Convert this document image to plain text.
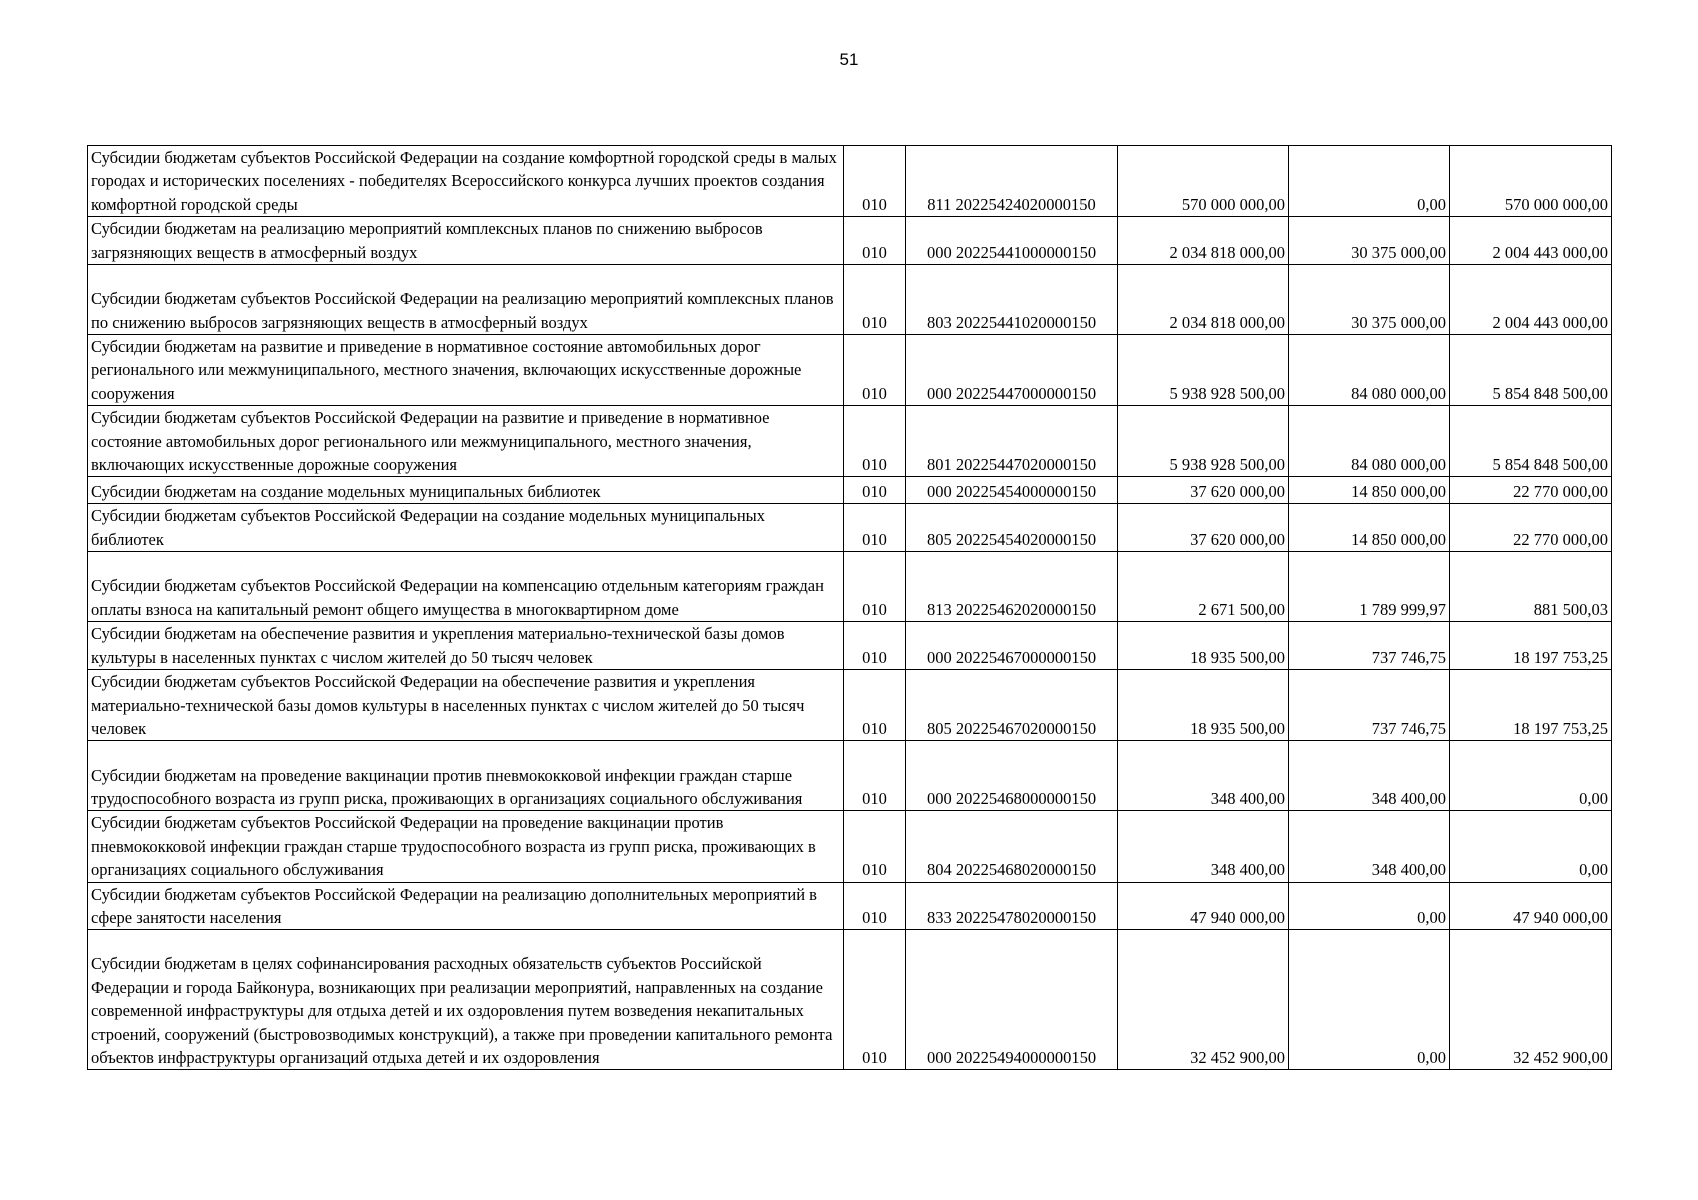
51
Субсидии бюджетам субъектов Российской Федерации на создание комфортной городской среды в малых городах и исторических поселениях - победителях Всероссийского конкурса лучших проектов создания комфортной городской среды	010	811 20225424020000150	570 000 000,00	0,00	570 000 000,00
Субсидии бюджетам на реализацию мероприятий комплексных планов по снижению выбросов загрязняющих веществ в атмосферный воздух	010	000 20225441000000150	2 034 818 000,00	30 375 000,00	2 004 443 000,00
Субсидии бюджетам субъектов Российской Федерации на реализацию мероприятий комплексных планов по снижению выбросов загрязняющих веществ в атмосферный воздух	010	803 20225441020000150	2 034 818 000,00	30 375 000,00	2 004 443 000,00
Субсидии бюджетам на развитие и приведение в нормативное состояние автомобильных дорог регионального или межмуниципального, местного значения, включающих искусственные дорожные сооружения	010	000 20225447000000150	5 938 928 500,00	84 080 000,00	5 854 848 500,00
Субсидии бюджетам субъектов Российской Федерации на развитие и приведение в нормативное состояние автомобильных дорог регионального или межмуниципального, местного значения, включающих искусственные дорожные сооружения	010	801 20225447020000150	5 938 928 500,00	84 080 000,00	5 854 848 500,00
Субсидии бюджетам на создание модельных муниципальных библиотек	010	000 20225454000000150	37 620 000,00	14 850 000,00	22 770 000,00
Субсидии бюджетам субъектов Российской Федерации на создание модельных муниципальных библиотек	010	805 20225454020000150	37 620 000,00	14 850 000,00	22 770 000,00
Субсидии бюджетам субъектов Российской Федерации на компенсацию отдельным категориям граждан оплаты взноса на капитальный ремонт общего имущества в многоквартирном доме	010	813 20225462020000150	2 671 500,00	1 789 999,97	881 500,03
Субсидии бюджетам на обеспечение развития и укрепления материально-технической базы домов культуры в населенных пунктах с числом жителей до 50 тысяч человек	010	000 20225467000000150	18 935 500,00	737 746,75	18 197 753,25
Субсидии бюджетам субъектов Российской Федерации на обеспечение развития и укрепления материально-технической базы домов культуры в населенных пунктах с числом жителей до 50 тысяч человек	010	805 20225467020000150	18 935 500,00	737 746,75	18 197 753,25
Субсидии бюджетам на проведение вакцинации против пневмококковой инфекции граждан старше трудоспособного возраста из групп риска, проживающих в организациях социального обслуживания	010	000 20225468000000150	348 400,00	348 400,00	0,00
Субсидии бюджетам субъектов Российской Федерации на проведение вакцинации против пневмококковой инфекции граждан старше трудоспособного возраста из групп риска, проживающих в организациях социального обслуживания	010	804 20225468020000150	348 400,00	348 400,00	0,00
Субсидии бюджетам субъектов Российской Федерации на реализацию дополнительных мероприятий в сфере занятости населения	010	833 20225478020000150	47 940 000,00	0,00	47 940 000,00
Субсидии бюджетам в целях софинансирования расходных обязательств субъектов Российской Федерации и города Байконура, возникающих при реализации мероприятий, направленных на создание современной инфраструктуры для отдыха детей и их оздоровления путем возведения некапитальных строений, сооружений (быстровозводимых конструкций), а также при проведении капитального ремонта объектов инфраструктуры организаций отдыха детей и их оздоровления	010	000 20225494000000150	32 452 900,00	0,00	32 452 900,00
